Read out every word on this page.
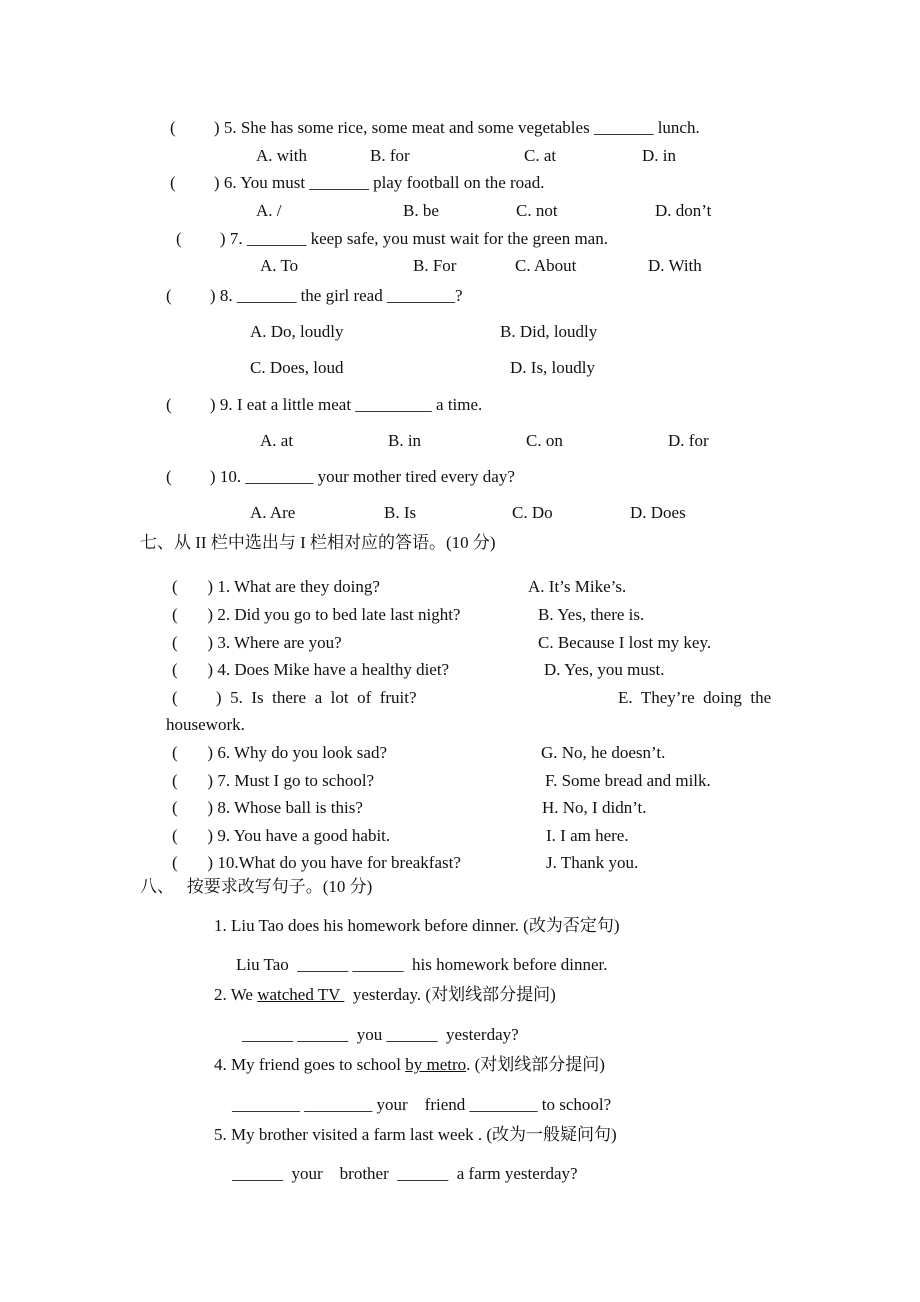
(         ) 5. She has some rice, some meat and some vegetables _______ lunch.
A. with	B. for	C. at	D. in
(         ) 6. You must _______ play football on the road.
A. /	B. be	C. not	D. don’t
(         ) 7. _______ keep safe, you must wait for the green man.
A. To	B. For	C. About	D. With
(         ) 8. _______ the girl read ________?
A. Do, loudly	B. Did, loudly
C. Does, loud	D. Is, loudly
(         ) 9. I eat a little meat _________ a time.
A. at	B. in	C. on	D. for
(         ) 10. ________ your mother tired every day?
A. Are	B. Is	C. Do	D. Does
七、从 II 栏中选出与 I 栏相对应的答语。(10 分)
(       ) 1. What are they doing?	A. It’s Mike’s.
(       ) 2. Did you go to bed late last night?	B. Yes, there is.
(       ) 3. Where are you?	C. Because I lost my key.
(       ) 4. Does Mike have a healthy diet?	D. Yes, you must.
(         )  5.  Is  there  a  lot  of  fruit?	E.  They’re  doing  the
housework.
(       ) 6. Why do you look sad?	G. No, he doesn’t.
(       ) 7. Must I go to school?	F. Some bread and milk.
(       ) 8. Whose ball is this?	H. No, I didn’t.
(       ) 9. You have a good habit.	I. I am here.
(       ) 10.What do you have for breakfast?	J. Thank you.
八、   按要求改写句子。(10 分)
1. Liu Tao does his homework before dinner. (改为否定句)
Liu Tao  ______ ______  his homework before dinner.
2. We watched TV   yesterday. (对划线部分提问)
______ ______  you ______  yesterday?
4. My friend goes to school by metro. (对划线部分提问)
________ ________ your    friend ________ to school?
5. My brother visited a farm last week . (改为一般疑问句)
______  your    brother  ______  a farm yesterday?
